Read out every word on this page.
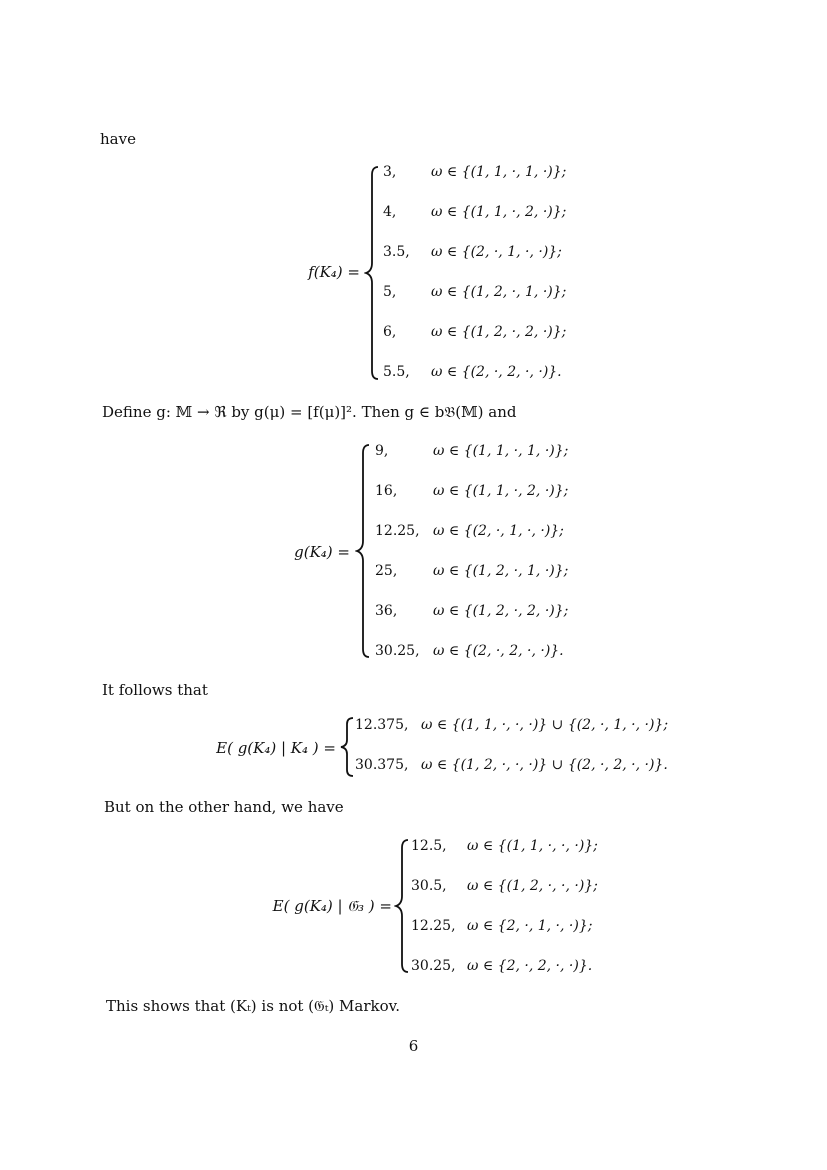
have
f(K₄) =
3,	ω ∈ {(1, 1, ·, 1, ·)};
4,	ω ∈ {(1, 1, ·, 2, ·)};
3.5,	ω ∈ {(2, ·, 1, ·, ·)};
5,	ω ∈ {(1, 2, ·, 1, ·)};
6,	ω ∈ {(1, 2, ·, 2, ·)};
5.5,	ω ∈ {(2, ·, 2, ·, ·)}.
Define g: 𝕄 → ℜ by g(μ) = [f(μ)]². Then g ∈ b𝔅(𝕄) and
g(K₄) =
9,	ω ∈ {(1, 1, ·, 1, ·)};
16,	ω ∈ {(1, 1, ·, 2, ·)};
12.25, ω ∈ {(2, ·, 1, ·, ·)};
25,	ω ∈ {(1, 2, ·, 1, ·)};
36,	ω ∈ {(1, 2, ·, 2, ·)};
30.25, ω ∈ {(2, ·, 2, ·, ·)}.
It follows that
E( g(K₄) | K₄ ) =
12.375, ω ∈ {(1, 1, ·, ·, ·)} ∪ {(2, ·, 1, ·, ·)};
30.375, ω ∈ {(1, 2, ·, ·, ·)} ∪ {(2, ·, 2, ·, ·)}.
But on the other hand, we have
E( g(K₄) | 𝔊₃ ) =
12.5,	ω ∈ {(1, 1, ·, ·, ·)};
30.5,	ω ∈ {(1, 2, ·, ·, ·)};
12.25, ω ∈ {2, ·, 1, ·, ·)};
30.25, ω ∈ {2, ·, 2, ·, ·)}.
This shows that (Kₜ) is not (𝔊ₜ) Markov.
6
